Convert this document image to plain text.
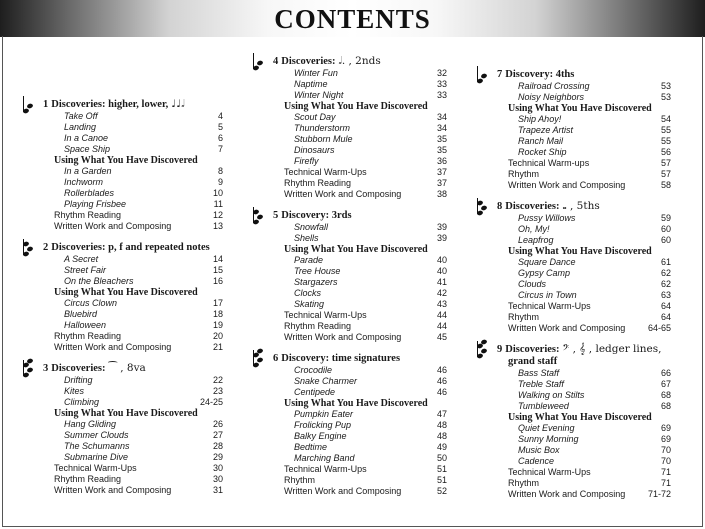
CONTENTS
1 Discoveries: higher, lower, ♩♩𝅗𝅥
Take Off	4
Landing	5
In a Canoe	6
Space Ship	7
Using What You Have Discovered
In a Garden	8
Inchworm	9
Rollerblades	10
Playing Frisbee	11
Rhythm Reading	12
Written Work and Composing	13
2 Discoveries: p, f and repeated notes
A Secret	14
Street Fair	15
On the Bleachers	16
Using What You Have Discovered
Circus Clown	17
Bluebird	18
Halloween	19
Rhythm Reading	20
Written Work and Composing	21
3 Discoveries: ⁀ , 8va
Drifting	22
Kites	23
Climbing	24-25
Using What You Have Discovered
Hang Gliding	26
Summer Clouds	27
The Schumanns	28
Submarine Dive	29
Technical Warm-Ups	30
Rhythm Reading	30
Written Work and Composing	31
4 Discoveries: 𝅗𝅥. , 2nds
Winter Fun	32
Naptime	33
Winter Night	33
Using What You Have Discovered
Scout Day	34
Thunderstorm	34
Stubborn Mule	35
Dinosaurs	35
Firefly	36
Technical Warm-Ups	37
Rhythm Reading	37
Written Work and Composing	38
5 Discovery: 3rds
Snowfall	39
Shells	39
Using What You Have Discovered
Parade	40
Tree House	40
Stargazers	41
Clocks	42
Skating	43
Technical Warm-Ups	44
Rhythm Reading	44
Written Work and Composing	45
6 Discovery: time signatures
Crocodile	46
Snake Charmer	46
Centipede	46
Using What You Have Discovered
Pumpkin Eater	47
Frolicking Pup	48
Balky Engine	48
Bedtime	49
Marching Band	50
Technical Warm-Ups	51
Rhythm	51
Written Work and Composing	52
7 Discovery: 4ths
Railroad Crossing	53
Noisy Neighbors	53
Using What You Have Discovered
Ship Ahoy!	54
Trapeze Artist	55
Ranch Mail	55
Rocket Ship	56
Technical Warm-ups	57
Rhythm	57
Written Work and Composing	58
8 Discoveries: 𝅝 , 5ths
Pussy Willows	59
Oh, My!	60
Leapfrog	60
Using What You Have Discovered
Square Dance	61
Gypsy Camp	62
Clouds	62
Circus in Town	63
Technical Warm-Ups	64
Rhythm	64
Written Work and Composing	64-65
9 Discoveries: 𝄢 , 𝄞 , ledger lines,
grand staff
Bass Staff	66
Treble Staff	67
Walking on Stilts	68
Tumbleweed	68
Using What You Have Discovered
Quiet Evening	69
Sunny Morning	69
Music Box	70
Cadence	70
Technical Warm-Ups	71
Rhythm	71
Written Work and Composing	71-72
